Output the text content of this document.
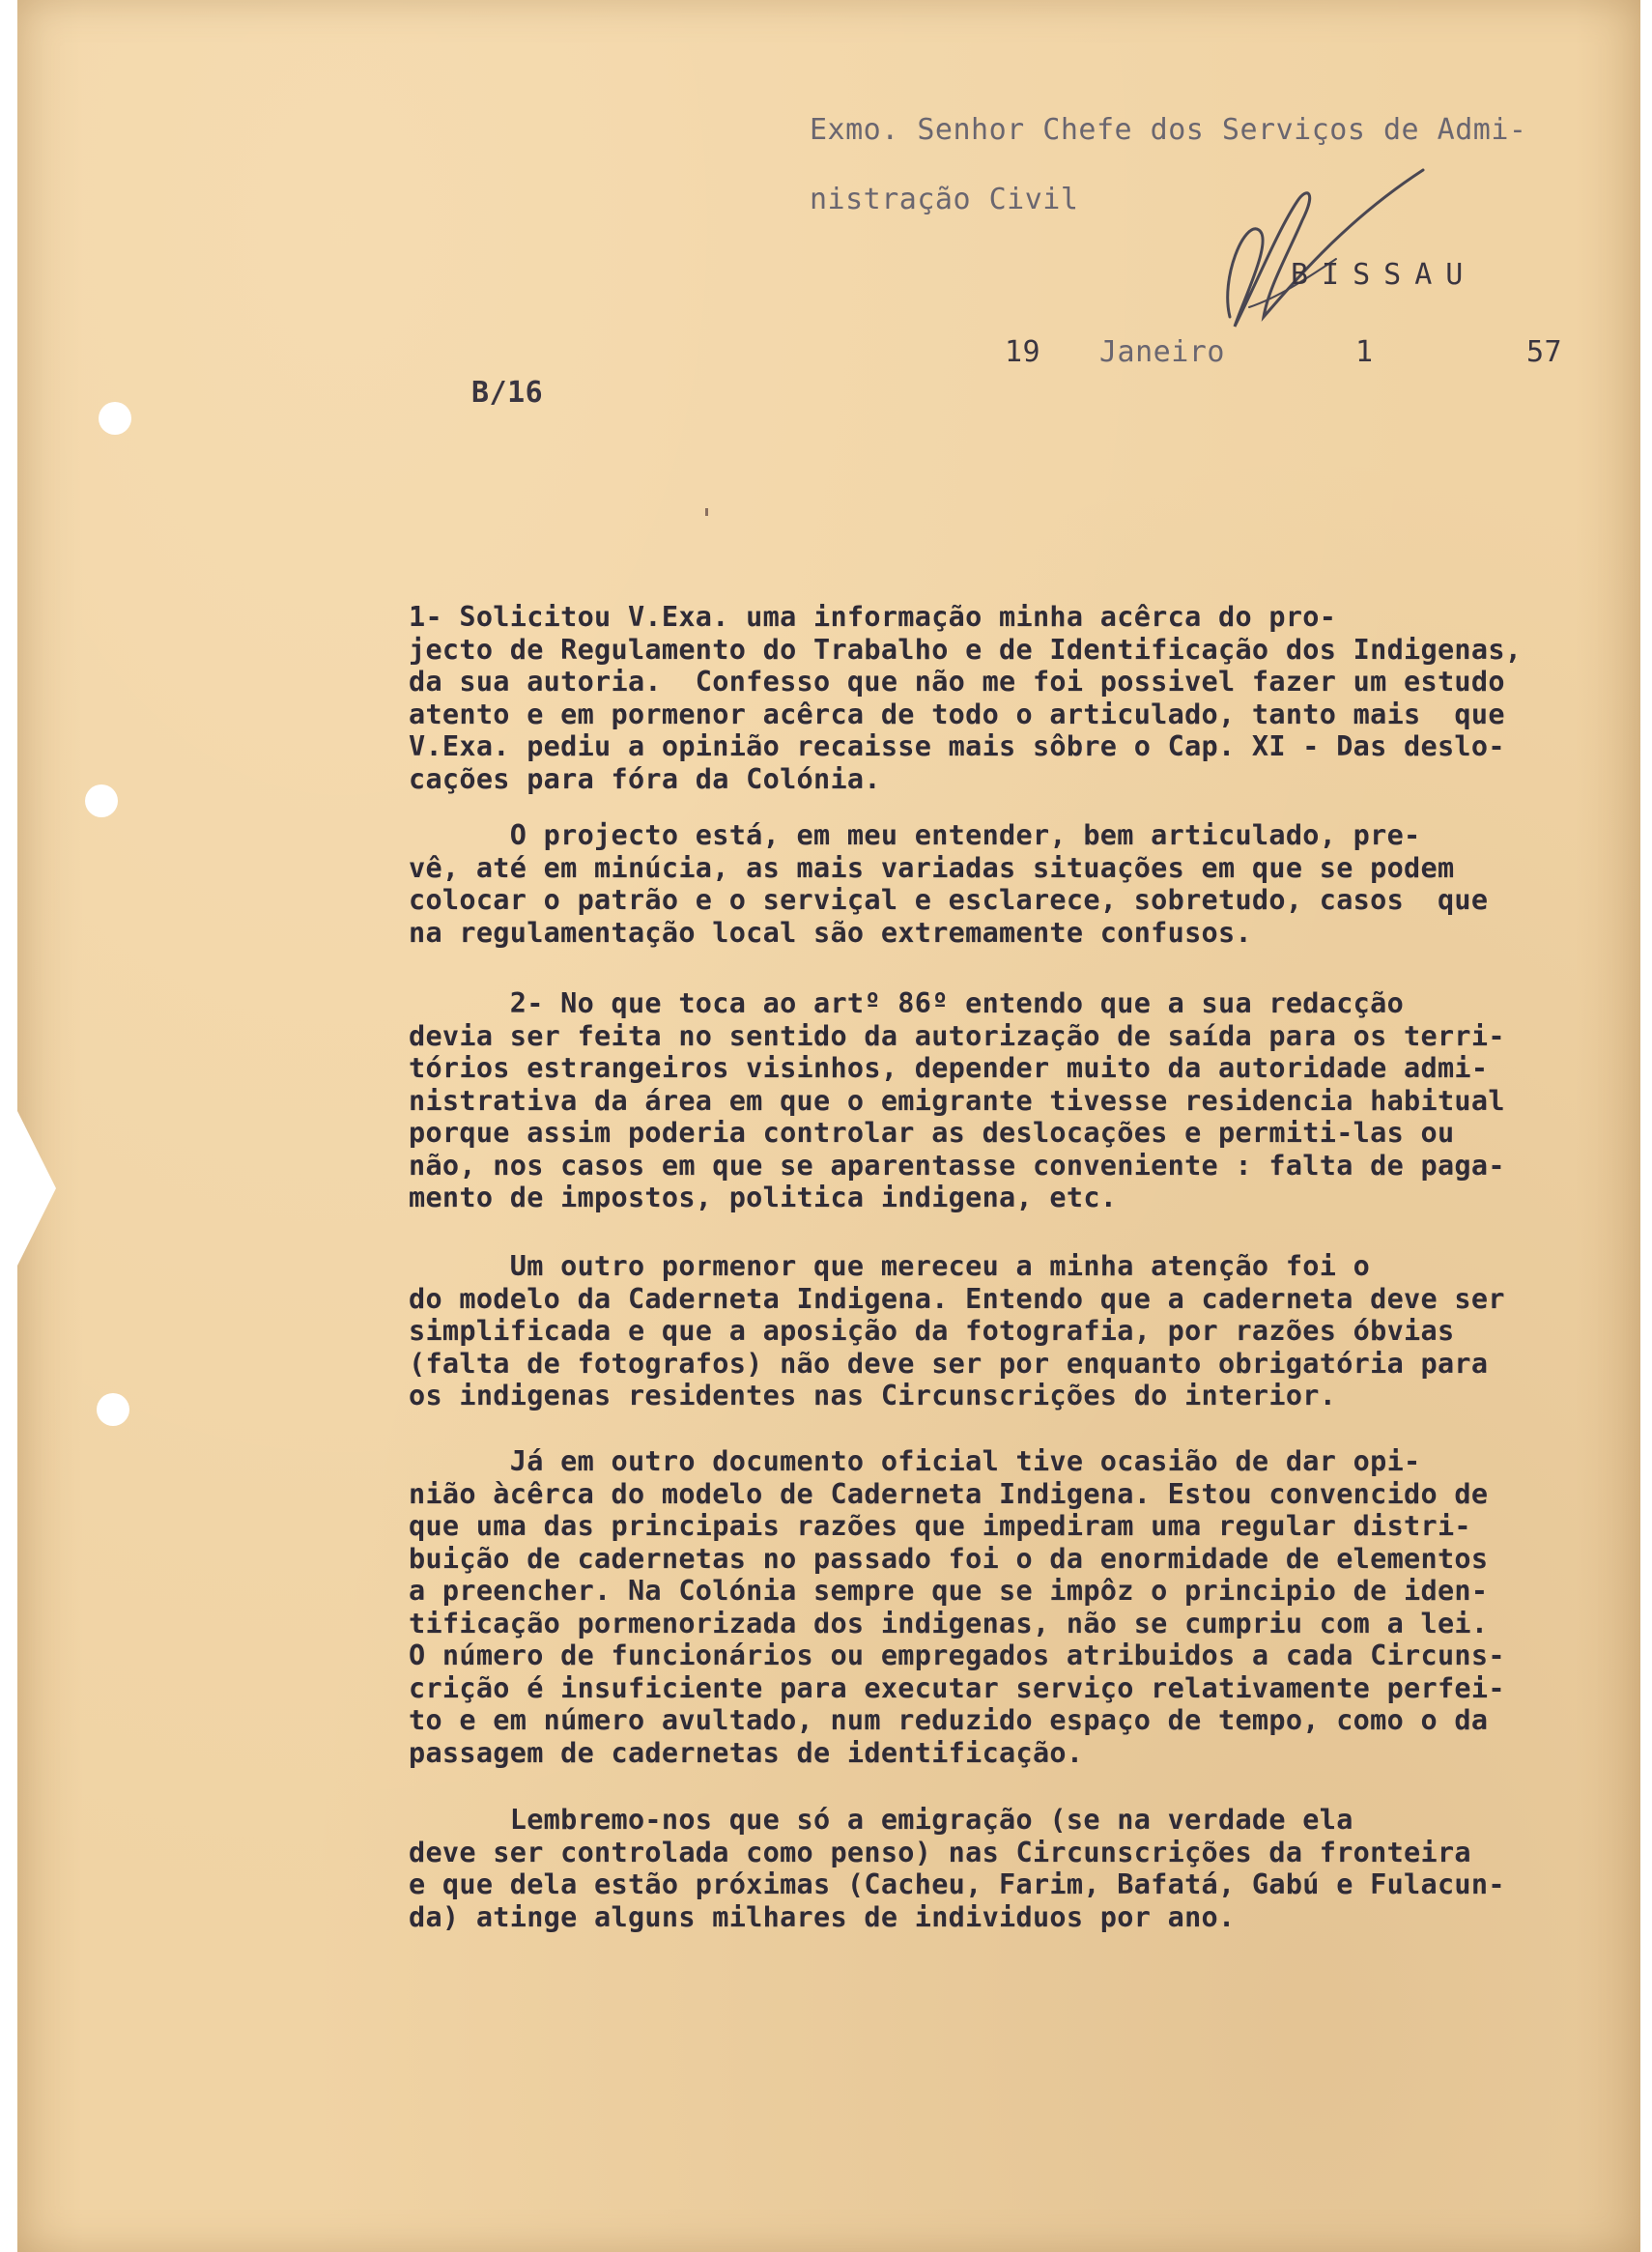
Exmo. Senhor Chefe dos Serviços de Admi-
nistração Civil
BISSAU
19 Janeiro	1	57
B/16
1- Solicitou V.Exa. uma informação minha acêrca do pro-
jecto de Regulamento do Trabalho e de Identificação dos Indigenas,
da sua autoria.  Confesso que não me foi possivel fazer um estudo
atento e em pormenor acêrca de todo o articulado, tanto mais  que
V.Exa. pediu a opinião recaisse mais sôbre o Cap. XI - Das deslo-
cações para fóra da Colónia.
O projecto está, em meu entender, bem articulado, pre-
vê, até em minúcia, as mais variadas situações em que se podem
colocar o patrão e o serviçal e esclarece, sobretudo, casos  que
na regulamentação local são extremamente confusos.
2- No que toca ao artº 86º entendo que a sua redacção
devia ser feita no sentido da autorização de saída para os terri-
tórios estrangeiros visinhos, depender muito da autoridade admi-
nistrativa da área em que o emigrante tivesse residencia habitual
porque assim poderia controlar as deslocações e permiti-las ou
não, nos casos em que se aparentasse conveniente : falta de paga-
mento de impostos, politica indigena, etc.
Um outro pormenor que mereceu a minha atenção foi o
do modelo da Caderneta Indigena. Entendo que a caderneta deve ser
simplificada e que a aposição da fotografia, por razões óbvias
(falta de fotografos) não deve ser por enquanto obrigatória para
os indigenas residentes nas Circunscrições do interior.
Já em outro documento oficial tive ocasião de dar opi-
nião àcêrca do modelo de Caderneta Indigena. Estou convencido de
que uma das principais razões que impediram uma regular distri-
buição de cadernetas no passado foi o da enormidade de elementos
a preencher. Na Colónia sempre que se impôz o principio de iden-
tificação pormenorizada dos indigenas, não se cumpriu com a lei.
O número de funcionários ou empregados atribuidos a cada Circuns-
crição é insuficiente para executar serviço relativamente perfei-
to e em número avultado, num reduzido espaço de tempo, como o da
passagem de cadernetas de identificação.
Lembremo-nos que só a emigração (se na verdade ela
deve ser controlada como penso) nas Circunscrições da fronteira
e que dela estão próximas (Cacheu, Farim, Bafatá, Gabú e Fulacun-
da) atinge alguns milhares de individuos por ano.
